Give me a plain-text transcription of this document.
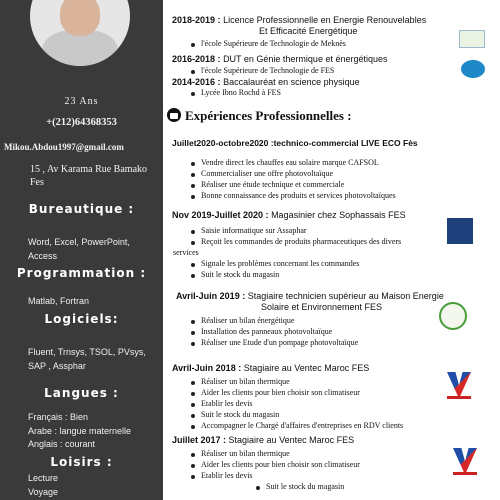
23 Ans
+(212)64368353
Mikou.Abdou1997@gmail.com
15 , Av Karama Rue Bamako
Fes
Bureautique :
Word, Excel, PowerPoint,
Access
Programmation :
Matlab, Fortran
Logiciels:
Fluent, Trnsys, TSOL, PVsys,
SAP , Assphar
Langues :
Français : Bien
Arabe : langue maternelle
Anglais : courant
Loisirs :
Lecture
Voyage
2018-2019 : Licence Professionnelle en Energie Renouvelables
Et Efficacité Energétique
l'école Supérieure de Technologie de Meknès
2016-2018 : DUT en Génie thermique et énergétiques
l'école Supérieure de Technologie de FES
2014-2016 : Baccalauréat en science physique
Lycée Ibno Rochd à FES
Expériences Professionnelles :
Juillet2020-octobre2020 :technico-commercial LIVE ECO Fès
Vendre direct les chauffes eau solaire marque CAFSOL
Commercialiser une offre photovoltaïque
Réaliser une étude technique et commerciale
Bonne connaissance des produits et services photovoltaïques
Nov 2019-Juillet 2020 : Magasinier chez Sophassais FES
Saisie informatique sur Assaphar
Reçoit les commandes de produits pharmaceutiques des divers
services
Signale les problèmes concernant les commandes
Suit le stock du magasin
Avril-Juin 2019 : Stagiaire technicien supérieur au Maison Energie
Solaire et Environnement FES
Réaliser un bilan énergétique
Installation des panneaux photovoltaïque
Réaliser une Etude d'un pompage photovoltaïque
Avril-Juin 2018 : Stagiaire au Ventec Maroc FES
Réaliser un bilan thermique
Aider les clients pour bien choisir son climatiseur
Etablir les devis
Suit le stock du magasin
Accompagner le Chargé d'affaires d'entreprises en RDV clients
Juillet 2017 : Stagiaire au Ventec Maroc FES
Réaliser un bilan thermique
Aider les clients pour bien choisir son climatiseur
Etablir les devis
Suit le stock du magasin
